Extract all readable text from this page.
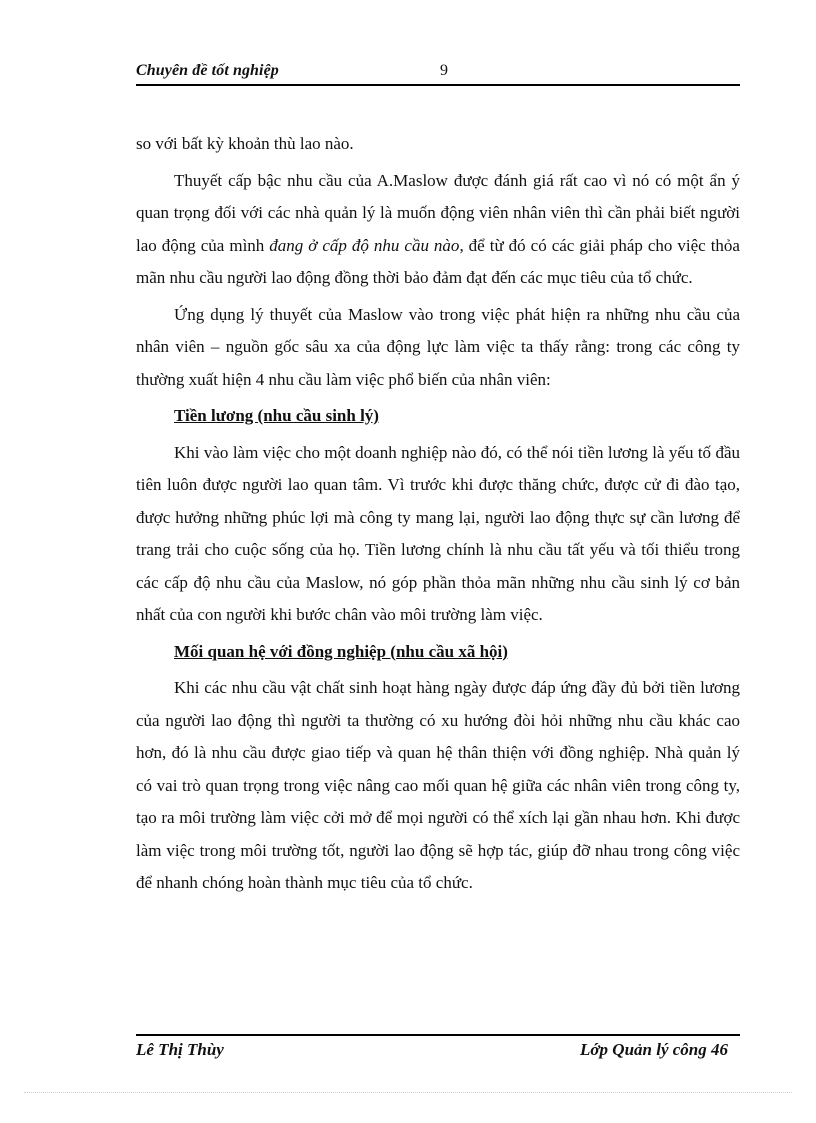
Chuyên đề tốt nghiệp	9

so với bất kỳ khoản thù lao nào.

Thuyết cấp bậc nhu cầu của A.Maslow được đánh giá rất cao vì nó có một ẩn ý quan trọng đối với các nhà quản lý là muốn động viên nhân viên thì cần phải biết người lao động của mình đang ở cấp độ nhu cầu nào, để từ đó có các giải pháp cho việc thỏa mãn nhu cầu người lao động đồng thời bảo đảm đạt đến các mục tiêu của tổ chức.

Ứng dụng lý thuyết của Maslow vào trong việc phát hiện ra những nhu cầu của nhân viên – nguồn gốc sâu xa của động lực làm việc ta thấy rằng: trong các công ty thường xuất hiện 4 nhu cầu làm việc phổ biến của nhân viên:

Tiền lương (nhu cầu sinh lý)

Khi vào làm việc cho một doanh nghiệp nào đó, có thể nói tiền lương là yếu tố đầu tiên luôn được người lao quan tâm. Vì trước khi được thăng chức, được cử đi đào tạo, được hưởng những phúc lợi mà công ty mang lại, người lao động thực sự cần lương để trang trải cho cuộc sống của họ. Tiền lương chính là nhu cầu tất yếu và tối thiểu trong các cấp độ nhu cầu của Maslow, nó góp phần thỏa mãn những nhu cầu sinh lý cơ bản nhất của con người khi bước chân vào môi trường làm việc.

Mối quan hệ với đồng nghiệp (nhu cầu xã hội)

Khi các nhu cầu vật chất sinh hoạt hàng ngày được đáp ứng đầy đủ bởi tiền lương của người lao động thì người ta thường có xu hướng đòi hỏi những nhu cầu khác cao hơn, đó là nhu cầu được giao tiếp và quan hệ thân thiện với đồng nghiệp. Nhà quản lý có vai trò quan trọng trong việc nâng cao mối quan hệ giữa các nhân viên trong công ty, tạo ra môi trường làm việc cởi mở để mọi người có thể xích lại gần nhau hơn. Khi được làm việc trong môi trường tốt, người lao động sẽ hợp tác, giúp đỡ nhau trong công việc để nhanh chóng hoàn thành mục tiêu của tổ chức.

Lê Thị Thùy	Lớp Quản lý công 46
